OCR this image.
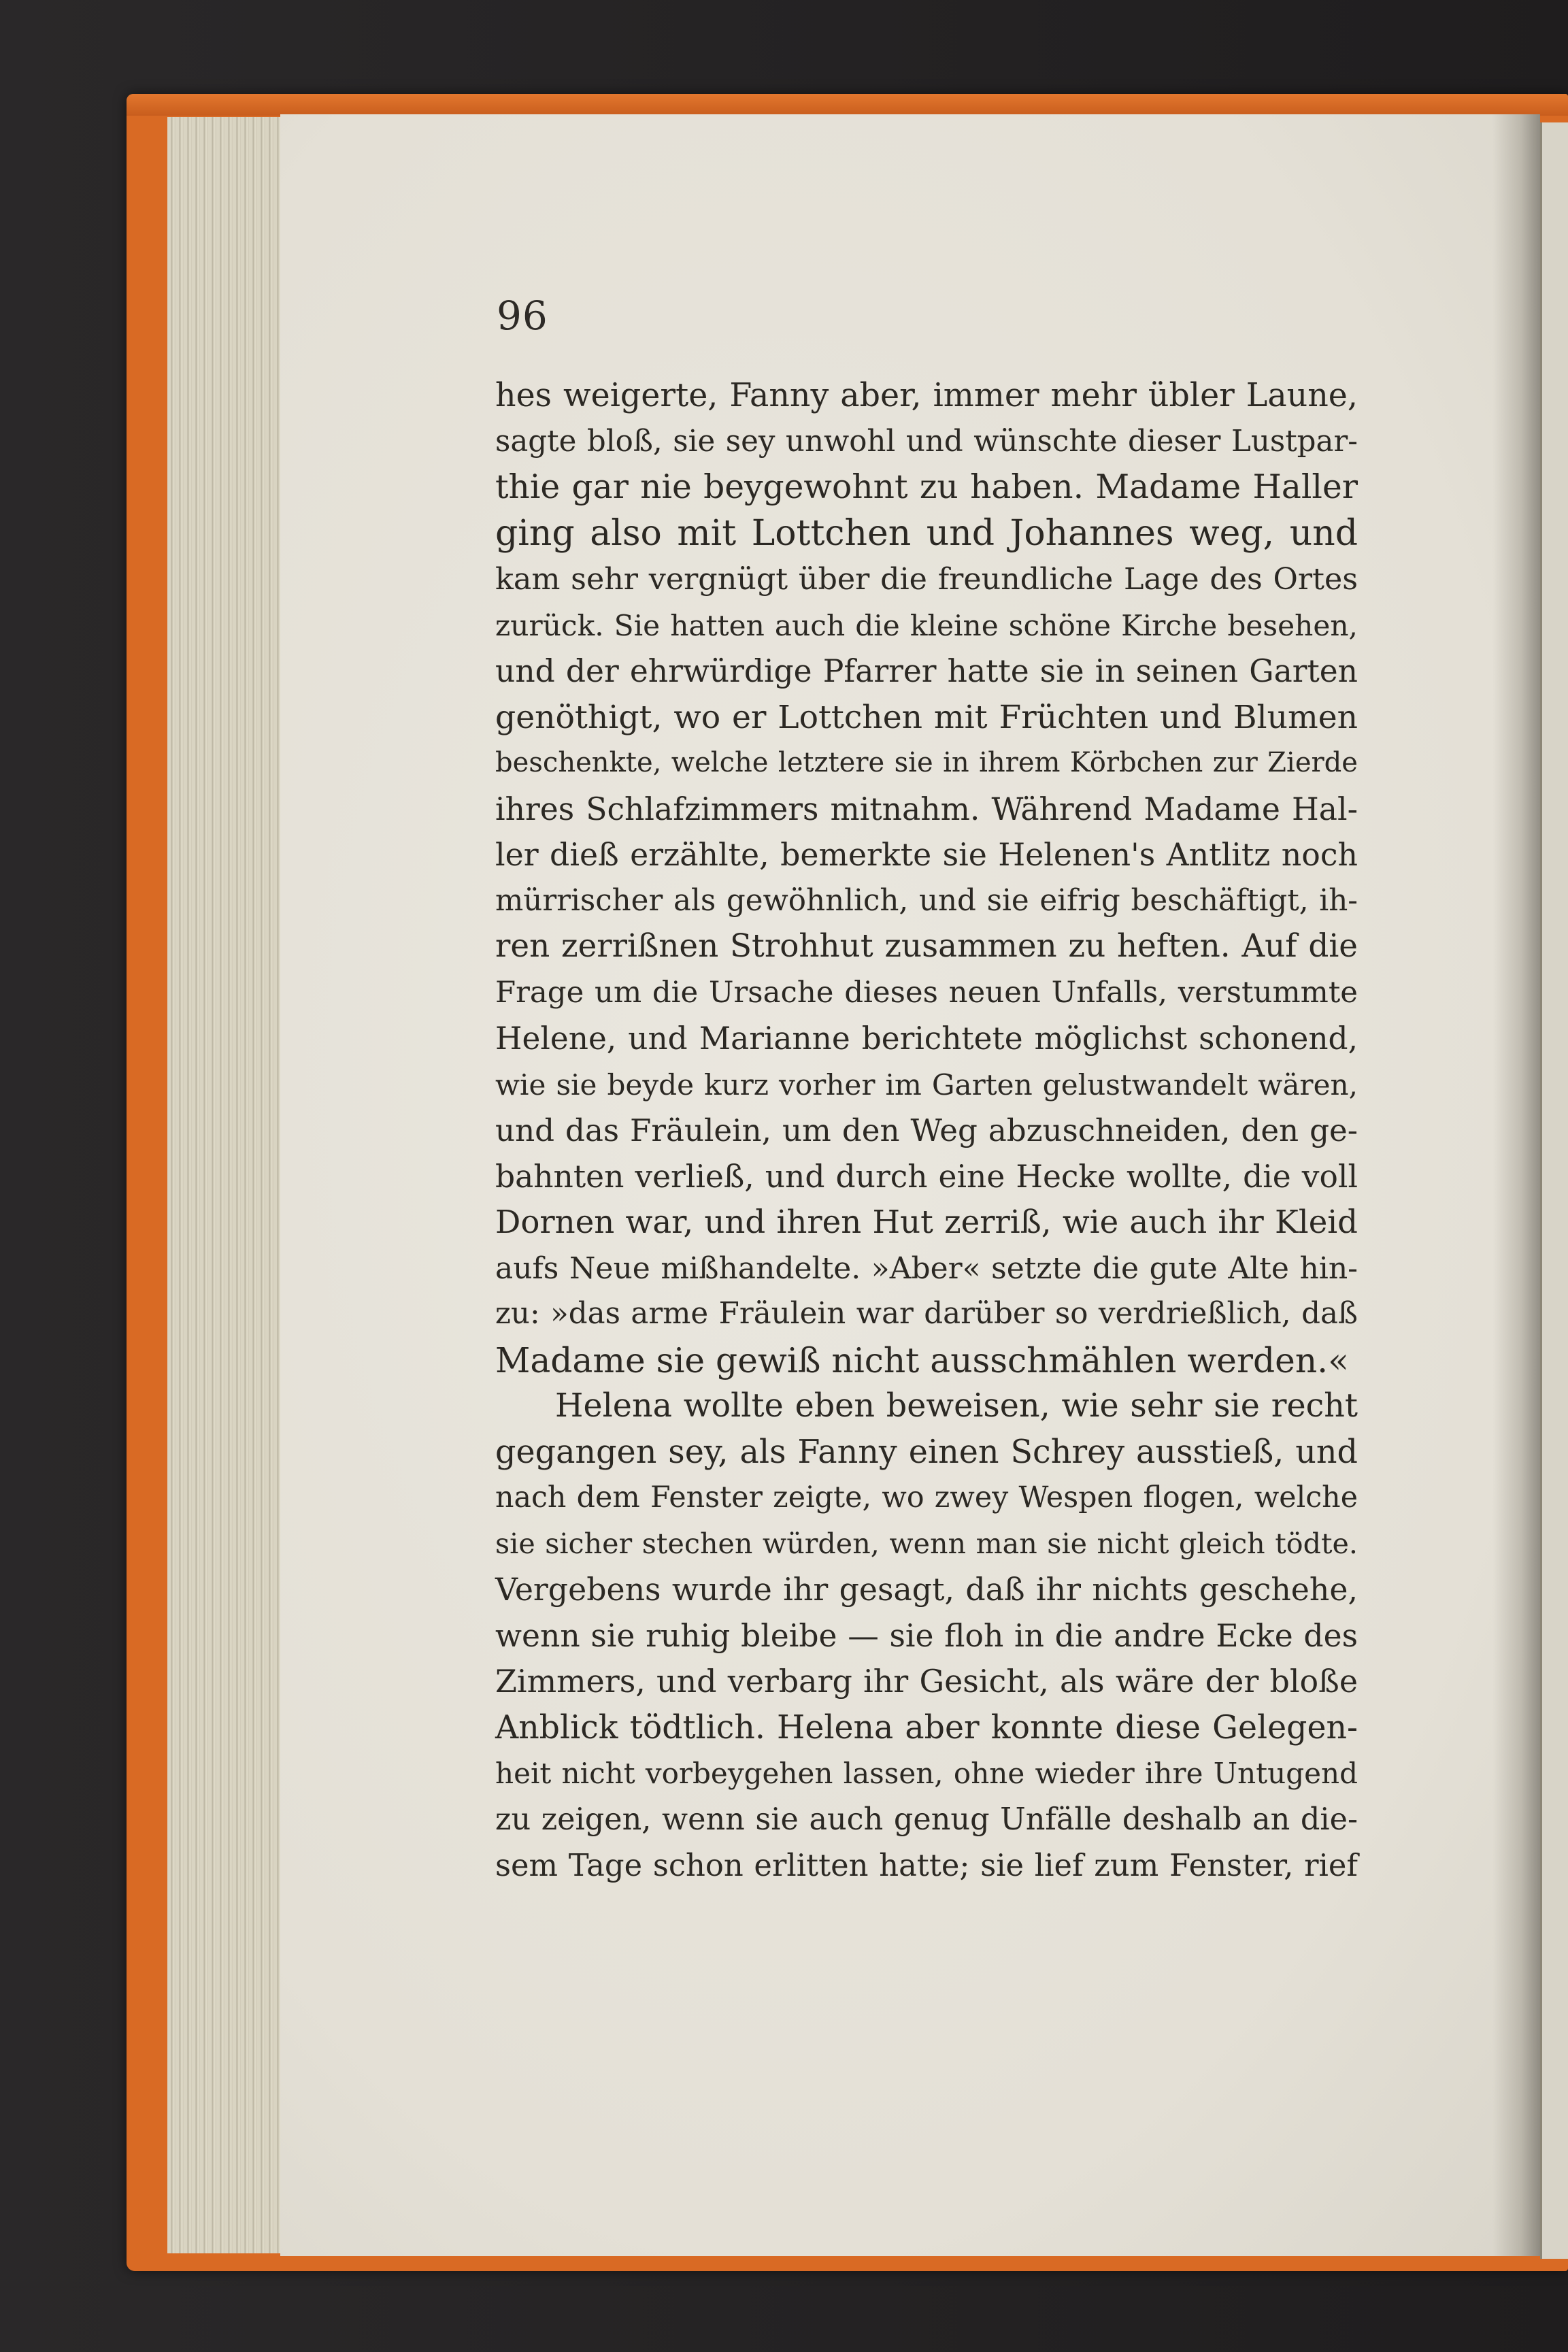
96
hes weigerte, Fanny aber, immer mehr übler Laune,
sagte bloß, sie sey unwohl und wünschte dieser Lustpar-
thie gar nie beygewohnt zu haben. Madame Haller
ging also mit Lottchen und Johannes weg, und
kam sehr vergnügt über die freundliche Lage des Ortes
zurück. Sie hatten auch die kleine schöne Kirche besehen,
und der ehrwürdige Pfarrer hatte sie in seinen Garten
genöthigt, wo er Lottchen mit Früchten und Blumen
beschenkte, welche letztere sie in ihrem Körbchen zur Zierde
ihres Schlafzimmers mitnahm. Während Madame Hal-
ler dieß erzählte, bemerkte sie Helenen's Antlitz noch
mürrischer als gewöhnlich, und sie eifrig beschäftigt, ih-
ren zerrißnen Strohhut zusammen zu heften. Auf die
Frage um die Ursache dieses neuen Unfalls, verstummte
Helene, und Marianne berichtete möglichst schonend,
wie sie beyde kurz vorher im Garten gelustwandelt wären,
und das Fräulein, um den Weg abzuschneiden, den ge-
bahnten verließ, und durch eine Hecke wollte, die voll
Dornen war, und ihren Hut zerriß, wie auch ihr Kleid
aufs Neue mißhandelte. »Aber« setzte die gute Alte hin-
zu: »das arme Fräulein war darüber so verdrießlich, daß
Madame sie gewiß nicht ausschmählen werden.«
Helena wollte eben beweisen, wie sehr sie recht
gegangen sey, als Fanny einen Schrey ausstieß, und
nach dem Fenster zeigte, wo zwey Wespen flogen, welche
sie sicher stechen würden, wenn man sie nicht gleich tödte.
Vergebens wurde ihr gesagt, daß ihr nichts geschehe,
wenn sie ruhig bleibe — sie floh in die andre Ecke des
Zimmers, und verbarg ihr Gesicht, als wäre der bloße
Anblick tödtlich. Helena aber konnte diese Gelegen-
heit nicht vorbeygehen lassen, ohne wieder ihre Untugend
zu zeigen, wenn sie auch genug Unfälle deshalb an die-
sem Tage schon erlitten hatte; sie lief zum Fenster, rief
